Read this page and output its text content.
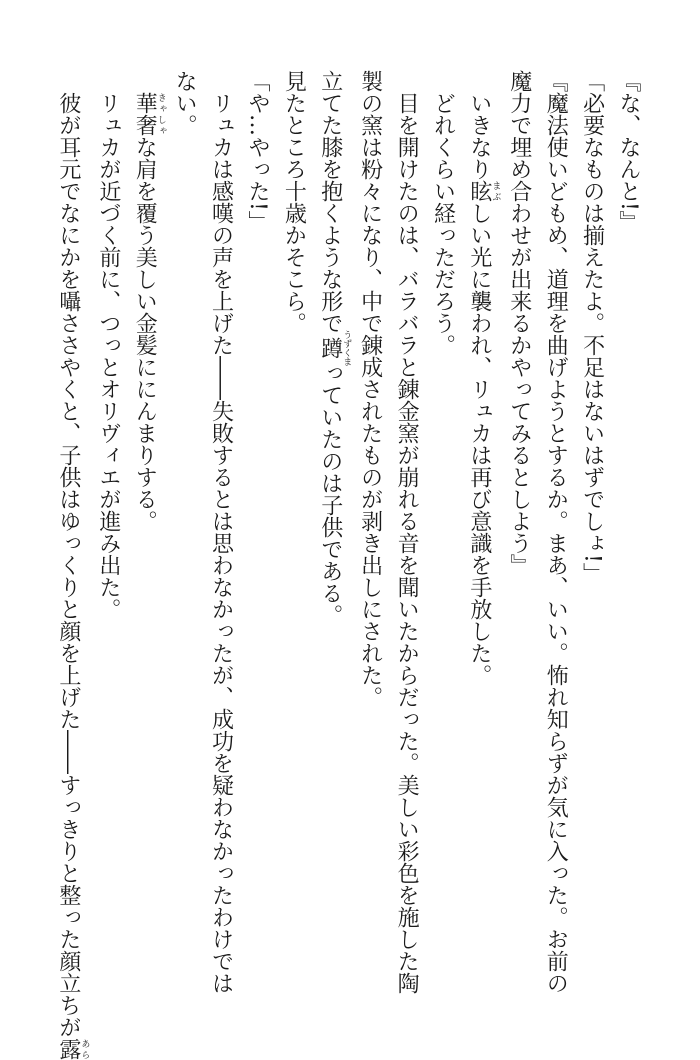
『な、なんと!』
「必要なものは揃えたよ。不足はないはずでしょ!」
『魔法使いどもめ、道理を曲げようとするか。まあ、いい。怖れ知らずが気に入った。お前の
魔力で埋め合わせが出来るかやってみるとしよう』
いきなり眩まぶしい光に襲われ、リュカは再び意識を手放した。
どれくらい経っただろう。
目を開けたのは、バラバラと錬金窯が崩れる音を聞いたからだった。美しい彩色を施した陶
製の窯は粉々になり、中で錬成されたものが剥き出しにされた。
立てた膝を抱くような形で蹲うずくまっていたのは子供である。
見たところ十歳かそこら。
「や…やった!」
リュカは感嘆の声を上げた――失敗するとは思わなかったが、成功を疑わなかったわけでは
ない。
華奢きゃしゃな肩を覆う美しい金髪ににんまりする。
リュカが近づく前に、つっとオリヴィエが進み出た。
彼が耳元でなにかを囁ささやくと、子供はゆっくりと顔を上げた――すっきりと整った顔立ちが露あら
